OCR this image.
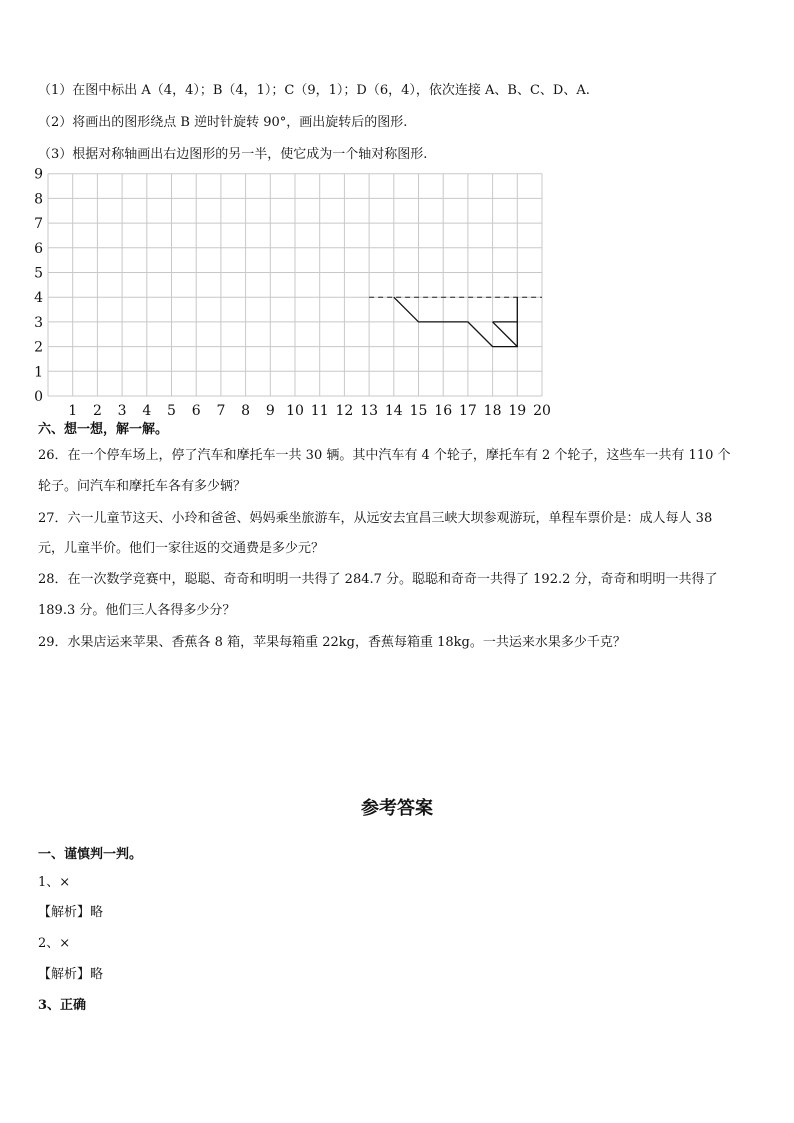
（1）在图中标出 A（4，4）；B（4，1）；C（9，1）；D（6，4），依次连接 A、B、C、D、A.
（2）将画出的图形绕点 B 逆时针旋转 90°，画出旋转后的图形.
（3）根据对称轴画出右边图形的另一半，使它成为一个轴对称图形.
0
1
2
3
4
5
6
7
8
9
1 2 3 4 5 6 7 8 9 10 11 12 13 14 15 16 17 18 19 20
六、想一想，解一解。
26．在一个停车场上，停了汽车和摩托车一共 30 辆。其中汽车有 4 个轮子，摩托车有 2 个轮子，这些车一共有 110 个
轮子。问汽车和摩托车各有多少辆？
27．六一儿童节这天、小玲和爸爸、妈妈乘坐旅游车，从远安去宜昌三峡大坝参观游玩，单程车票价是：成人每人 38
元，儿童半价。他们一家往返的交通费是多少元？
28．在一次数学竞赛中，聪聪、奇奇和明明一共得了 284.7 分。聪聪和奇奇一共得了 192.2 分，奇奇和明明一共得了
189.3 分。他们三人各得多少分？
29．水果店运来苹果、香蕉各 8 箱，苹果每箱重 22kg，香蕉每箱重 18kg。一共运来水果多少千克？
参考答案
一、谨慎判一判。
1、×
【解析】略
2、×
【解析】略
3、正确
